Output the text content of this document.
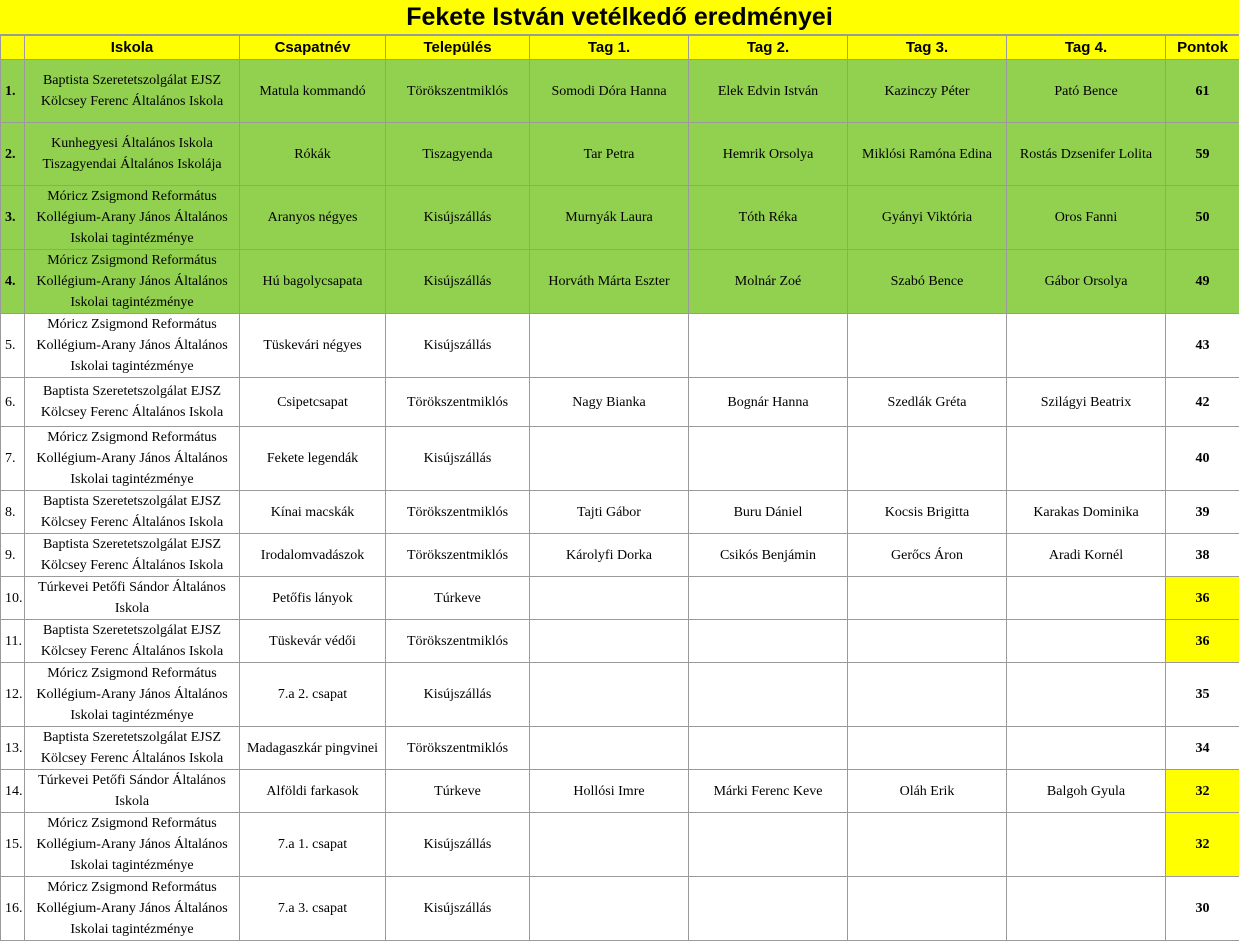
Fekete István vetélkedő eredményei
	Iskola	Csapatnév	Település	Tag 1.	Tag 2.	Tag 3.	Tag 4.	Pontok
1.	Baptista Szeretetszolgálat EJSZ Kölcsey Ferenc Általános Iskola	Matula kommandó	Törökszentmiklós	Somodi Dóra Hanna	Elek Edvin István	Kazinczy Péter	Pató Bence	61
2.	Kunhegyesi Általános Iskola Tiszagyendai Általános Iskolája	Rókák	Tiszagyenda	Tar Petra	Hemrik Orsolya	Miklósi Ramóna Edina	Rostás Dzsenifer Lolita	59
3.	Móricz Zsigmond Református Kollégium-Arany János Általános Iskolai tagintézménye	Aranyos négyes	Kisújszállás	Murnyák Laura	Tóth Réka	Gyányi Viktória	Oros Fanni	50
4.	Móricz Zsigmond Református Kollégium-Arany János Általános Iskolai tagintézménye	Hú bagolycsapata	Kisújszállás	Horváth Márta Eszter	Molnár Zoé	Szabó Bence	Gábor Orsolya	49
5.	Móricz Zsigmond Református Kollégium-Arany János Általános Iskolai tagintézménye	Tüskevári négyes	Kisújszállás					43
6.	Baptista Szeretetszolgálat EJSZ Kölcsey Ferenc Általános Iskola	Csipetcsapat	Törökszentmiklós	Nagy Bianka	Bognár Hanna	Szedlák Gréta	Szilágyi Beatrix	42
7.	Móricz Zsigmond Református Kollégium-Arany János Általános Iskolai tagintézménye	Fekete legendák	Kisújszállás					40
8.	Baptista Szeretetszolgálat EJSZ Kölcsey Ferenc Általános Iskola	Kínai macskák	Törökszentmiklós	Tajti Gábor	Buru Dániel	Kocsis Brigitta	Karakas Dominika	39
9.	Baptista Szeretetszolgálat EJSZ Kölcsey Ferenc Általános Iskola	Irodalomvadászok	Törökszentmiklós	Károlyfi Dorka	Csikós Benjámin	Gerőcs Áron	Aradi Kornél	38
10.	Túrkevei Petőfi Sándor Általános Iskola	Petőfis lányok	Túrkeve					36
11.	Baptista Szeretetszolgálat EJSZ Kölcsey Ferenc Általános Iskola	Tüskevár védői	Törökszentmiklós					36
12.	Móricz Zsigmond Református Kollégium-Arany János Általános Iskolai tagintézménye	7.a 2. csapat	Kisújszállás					35
13.	Baptista Szeretetszolgálat EJSZ Kölcsey Ferenc Általános Iskola	Madagaszkár pingvinei	Törökszentmiklós					34
14.	Túrkevei Petőfi Sándor Általános Iskola	Alföldi farkasok	Túrkeve	Hollósi Imre	Márki Ferenc Keve	Oláh Erik	Balgoh Gyula	32
15.	Móricz Zsigmond Református Kollégium-Arany János Általános Iskolai tagintézménye	7.a 1. csapat	Kisújszállás					32
16.	Móricz Zsigmond Református Kollégium-Arany János Általános Iskolai tagintézménye	7.a 3. csapat	Kisújszállás					30
